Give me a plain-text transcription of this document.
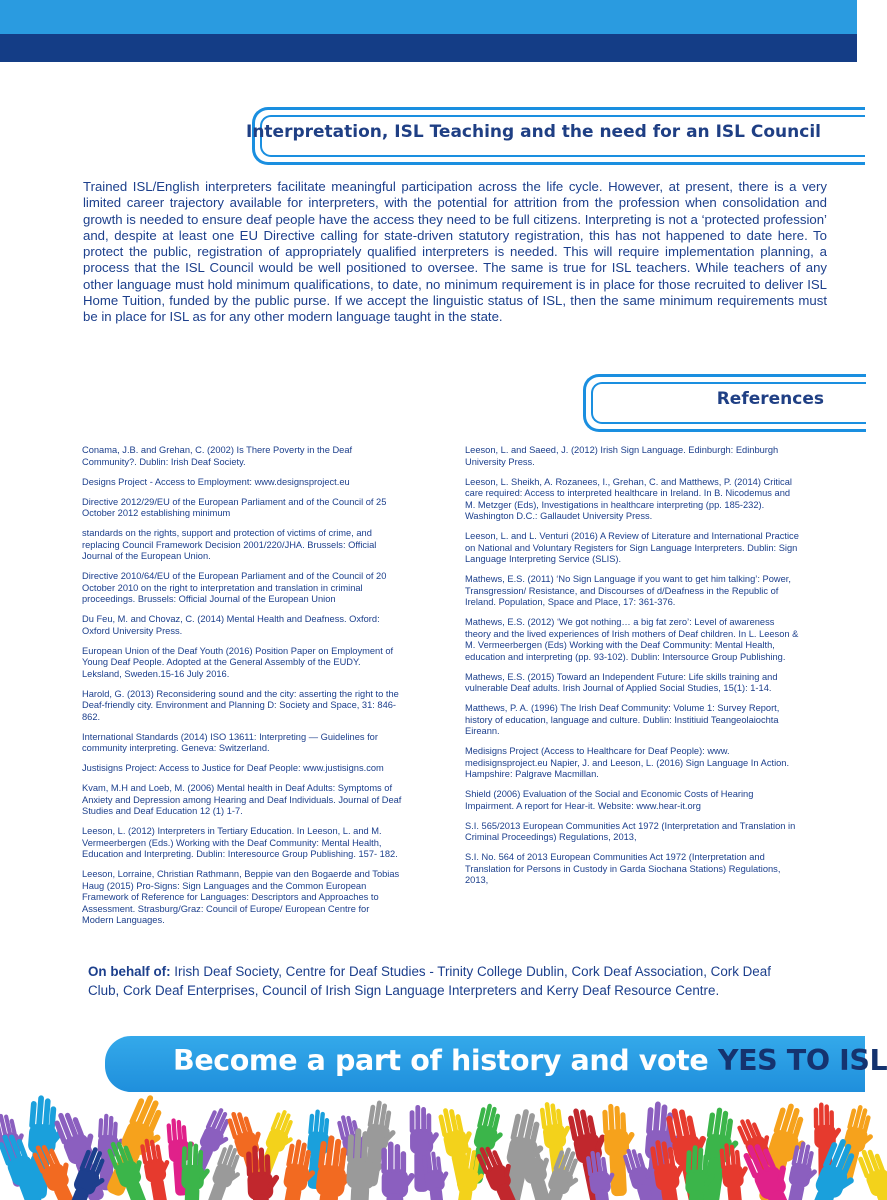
Interpretation, ISL Teaching and the need for an ISL Council

Trained ISL/English interpreters facilitate meaningful participation across the life cycle. However, at present, there is a very limited career trajectory available for interpreters, with the potential for attrition from the profession when consolidation and growth is needed to ensure deaf people have the access they need to be full citizens. Interpreting is not a ‘protected profession’ and, despite at least one EU Directive calling for state-driven statutory registration, this has not happened to date here. To protect the public, registration of appropriately qualified interpreters is needed. This will require implementation planning, a process that the ISL Council would be well positioned to oversee. The same is true for ISL teachers. While teachers of any other language must hold minimum qualifications, to date, no minimum requirement is in place for those recruited to deliver ISL Home Tuition, funded by the public purse. If we accept the linguistic status of ISL, then the same minimum requirements must be in place for ISL as for any other modern language taught in the state.

References

Conama, J.B. and Grehan, C. (2002) Is There Poverty in the Deaf Community?. Dublin: Irish Deaf Society.

Designs Project - Access to Employment: www.designsproject.eu

Directive 2012/29/EU of the European Parliament and of the Council of 25 October 2012 establishing minimum

standards on the rights, support and protection of victims of crime, and replacing Council Framework Decision 2001/220/JHA. Brussels: Official Journal of the European Union.

Directive 2010/64/EU of the European Parliament and of the Council of 20 October 2010 on the right to interpretation and translation in criminal proceedings. Brussels: Official Journal of the European Union

Du Feu, M. and Chovaz, C. (2014) Mental Health and Deafness. Oxford: Oxford University Press.

European Union of the Deaf Youth (2016) Position Paper on Employment of Young Deaf People. Adopted at the General Assembly of the EUDY. Leksland, Sweden.15-16 July 2016.

Harold, G. (2013) Reconsidering sound and the city: asserting the right to the Deaf-friendly city. Environment and Planning D: Society and Space, 31: 846-862.

International Standards (2014) ISO 13611: Interpreting — Guidelines for community interpreting. Geneva: Switzerland.

Justisigns Project: Access to Justice for Deaf People: www.justisigns.com

Kvam, M.H and Loeb, M. (2006) Mental health in Deaf Adults: Symptoms of Anxiety and Depression among Hearing and Deaf Individuals. Journal of Deaf Studies and Deaf Education 12 (1) 1-7.

Leeson, L. (2012) Interpreters in Tertiary Education. In Leeson, L. and M. Vermeerbergen (Eds.) Working with the Deaf Community: Mental Health, Education and Interpreting. Dublin: Interesource Group Publishing. 157- 182.

Leeson, Lorraine, Christian Rathmann, Beppie van den Bogaerde and Tobias Haug (2015) Pro-Signs: Sign Languages and the Common European Framework of Reference for Languages: Descriptors and Approaches to Assessment. Strasburg/Graz: Council of Europe/ European Centre for Modern Languages.

Leeson, L. and Saeed, J. (2012) Irish Sign Language. Edinburgh: Edinburgh University Press.

Leeson, L. Sheikh, A. Rozanees, I., Grehan, C. and Matthews, P. (2014) Critical care required: Access to interpreted healthcare in Ireland. In B. Nicodemus and M. Metzger (Eds), Investigations in healthcare interpreting (pp. 185-232). Washington D.C.: Gallaudet University Press.

Leeson, L. and L. Venturi (2016) A Review of Literature and International Practice on National and Voluntary Registers for Sign Language Interpreters. Dublin: Sign Language Interpreting Service (SLIS).

Mathews, E.S. (2011) ‘No Sign Language if you want to get him talking’: Power, Transgression/ Resistance, and Discourses of d/Deafness in the Republic of Ireland. Population, Space and Place, 17: 361-376.

Mathews, E.S. (2012) ‘We got nothing… a big fat zero’: Level of awareness theory and the lived experiences of Irish mothers of Deaf children. In L. Leeson & M. Vermeerbergen (Eds) Working with the Deaf Community: Mental Health, education and interpreting (pp. 93-102). Dublin: Intersource Group Publishing.

Mathews, E.S. (2015) Toward an Independent Future: Life skills training and vulnerable Deaf adults. Irish Journal of Applied Social Studies, 15(1): 1-14.

Matthews, P. A. (1996) The Irish Deaf Community: Volume 1: Survey Report, history of education, language and culture. Dublin: Institiuid Teangeolaiochta Eireann.

Medisigns Project (Access to Healthcare for Deaf People): www. medisignsproject.eu Napier, J. and Leeson, L. (2016) Sign Language In Action. Hampshire: Palgrave Macmillan.

Shield (2006) Evaluation of the Social and Economic Costs of Hearing Impairment. A report for Hear-it. Website: www.hear-it.org

S.I. 565/2013 European Communities Act 1972 (Interpretation and Translation in Criminal Proceedings) Regulations, 2013,

S.I. No. 564 of 2013 European Communities Act 1972 (Interpretation and Translation for Persons in Custody in Garda Siochana Stations) Regulations, 2013,

On behalf of: Irish Deaf Society, Centre for Deaf Studies - Trinity College Dublin, Cork Deaf Association, Cork Deaf Club, Cork Deaf Enterprises, Council of Irish Sign Language Interpreters and Kerry Deaf Resource Centre.

Become a part of history and vote YES TO ISL
